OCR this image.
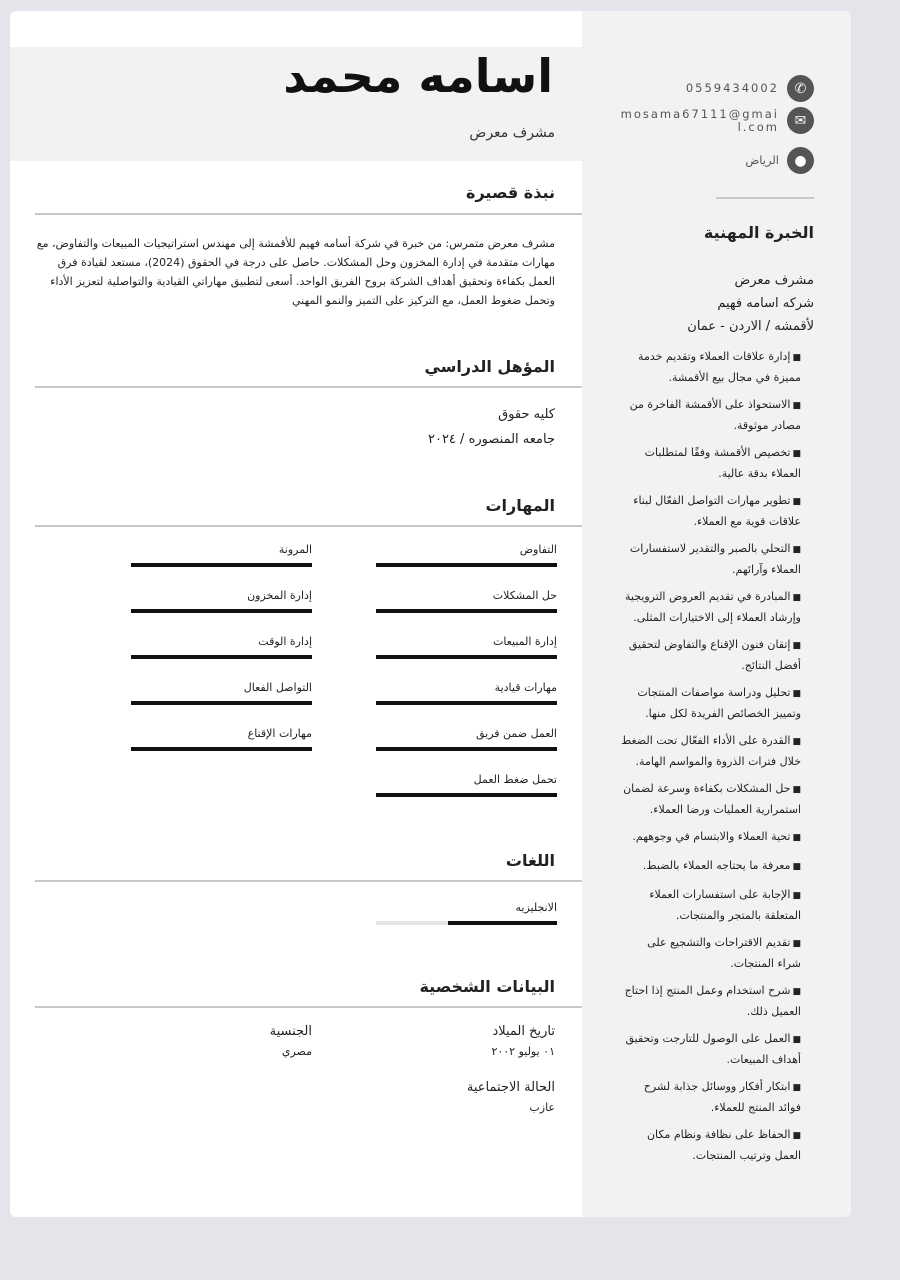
0559434002	✆
mosama67111@gmail.com	✉
الرياض	●
الخبرة المهنية
مشرف معرض
شركه اسامه فهيم
لأقمشه / الاردن - عمان
■ إدارة علاقات العملاء وتقديم خدمة مميزة في مجال بيع الأقمشة.
■ الاستحواذ على الأقمشة الفاخرة من مصادر موثوقة.
■ تخصيص الأقمشة وفقًا لمتطلبات العملاء بدقة عالية.
■ تطوير مهارات التواصل الفعّال لبناء علاقات قوية مع العملاء.
■ التحلي بالصبر والتقدير لاستفسارات العملاء وآرائهم.
■ المبادرة في تقديم العروض الترويجية وإرشاد العملاء إلى الاختيارات المثلى.
■ إتقان فنون الإقناع والتفاوض لتحقيق أفضل النتائج.
■ تحليل ودراسة مواصفات المنتجات وتمييز الخصائص الفريدة لكل منها.
■ القدرة على الأداء الفعّال تحت الضغط خلال فترات الذروة والمواسم الهامة.
■ حل المشكلات بكفاءة وسرعة لضمان استمرارية العمليات ورضا العملاء.
■ تحية العملاء والابتسام في وجوههم.
■ معرفة ما يحتاجه العملاء بالضبط.
■ الإجابة على استفسارات العملاء المتعلقة بالمتجر والمنتجات.
■ تقديم الاقتراحات والتشجيع على شراء المنتجات.
■ شرح استخدام وعمل المنتج إذا احتاج العميل ذلك.
■ العمل على الوصول للتارجت وتحقيق أهداف المبيعات.
■ ابتكار أفكار ووسائل جذابة لشرح فوائد المنتج للعملاء.
■ الحفاظ على نظافة ونظام مكان العمل وترتيب المنتجات.
اسامه محمد
مشرف معرض
نبذة قصيرة
مشرف معرض متمرس: من خبرة في شركة أسامه فهيم للأقمشة إلى مهندس استراتيجيات المبيعات والتفاوض، مع مهارات متقدمة في إدارة المخزون وحل المشكلات. حاصل على درجة في الحقوق (2024)، مستعد لقيادة فرق العمل بكفاءة وتحقيق أهداف الشركة بروح الفريق الواحد. أسعى لتطبيق مهاراتي القيادية والتواصلية لتعزيز الأداء وتحمل ضغوط العمل، مع التركيز على التميز والنمو المهني
المؤهل الدراسي
كليه حقوق
جامعه المنصوره / ٢٠٢٤
المهارات
التفاوض
حل المشكلات
إدارة المبيعات
مهارات قيادية
العمل ضمن فريق
تحمل ضغط العمل
المرونة
إدارة المخزون
إدارة الوقت
التواصل الفعال
مهارات الإقناع
اللغات
الانجليزيه
البيانات الشخصية
تاريخ الميلاد
٠١ يوليو ٢٠٠٢
الجنسية
مصري
الحالة الاجتماعية
عازب
